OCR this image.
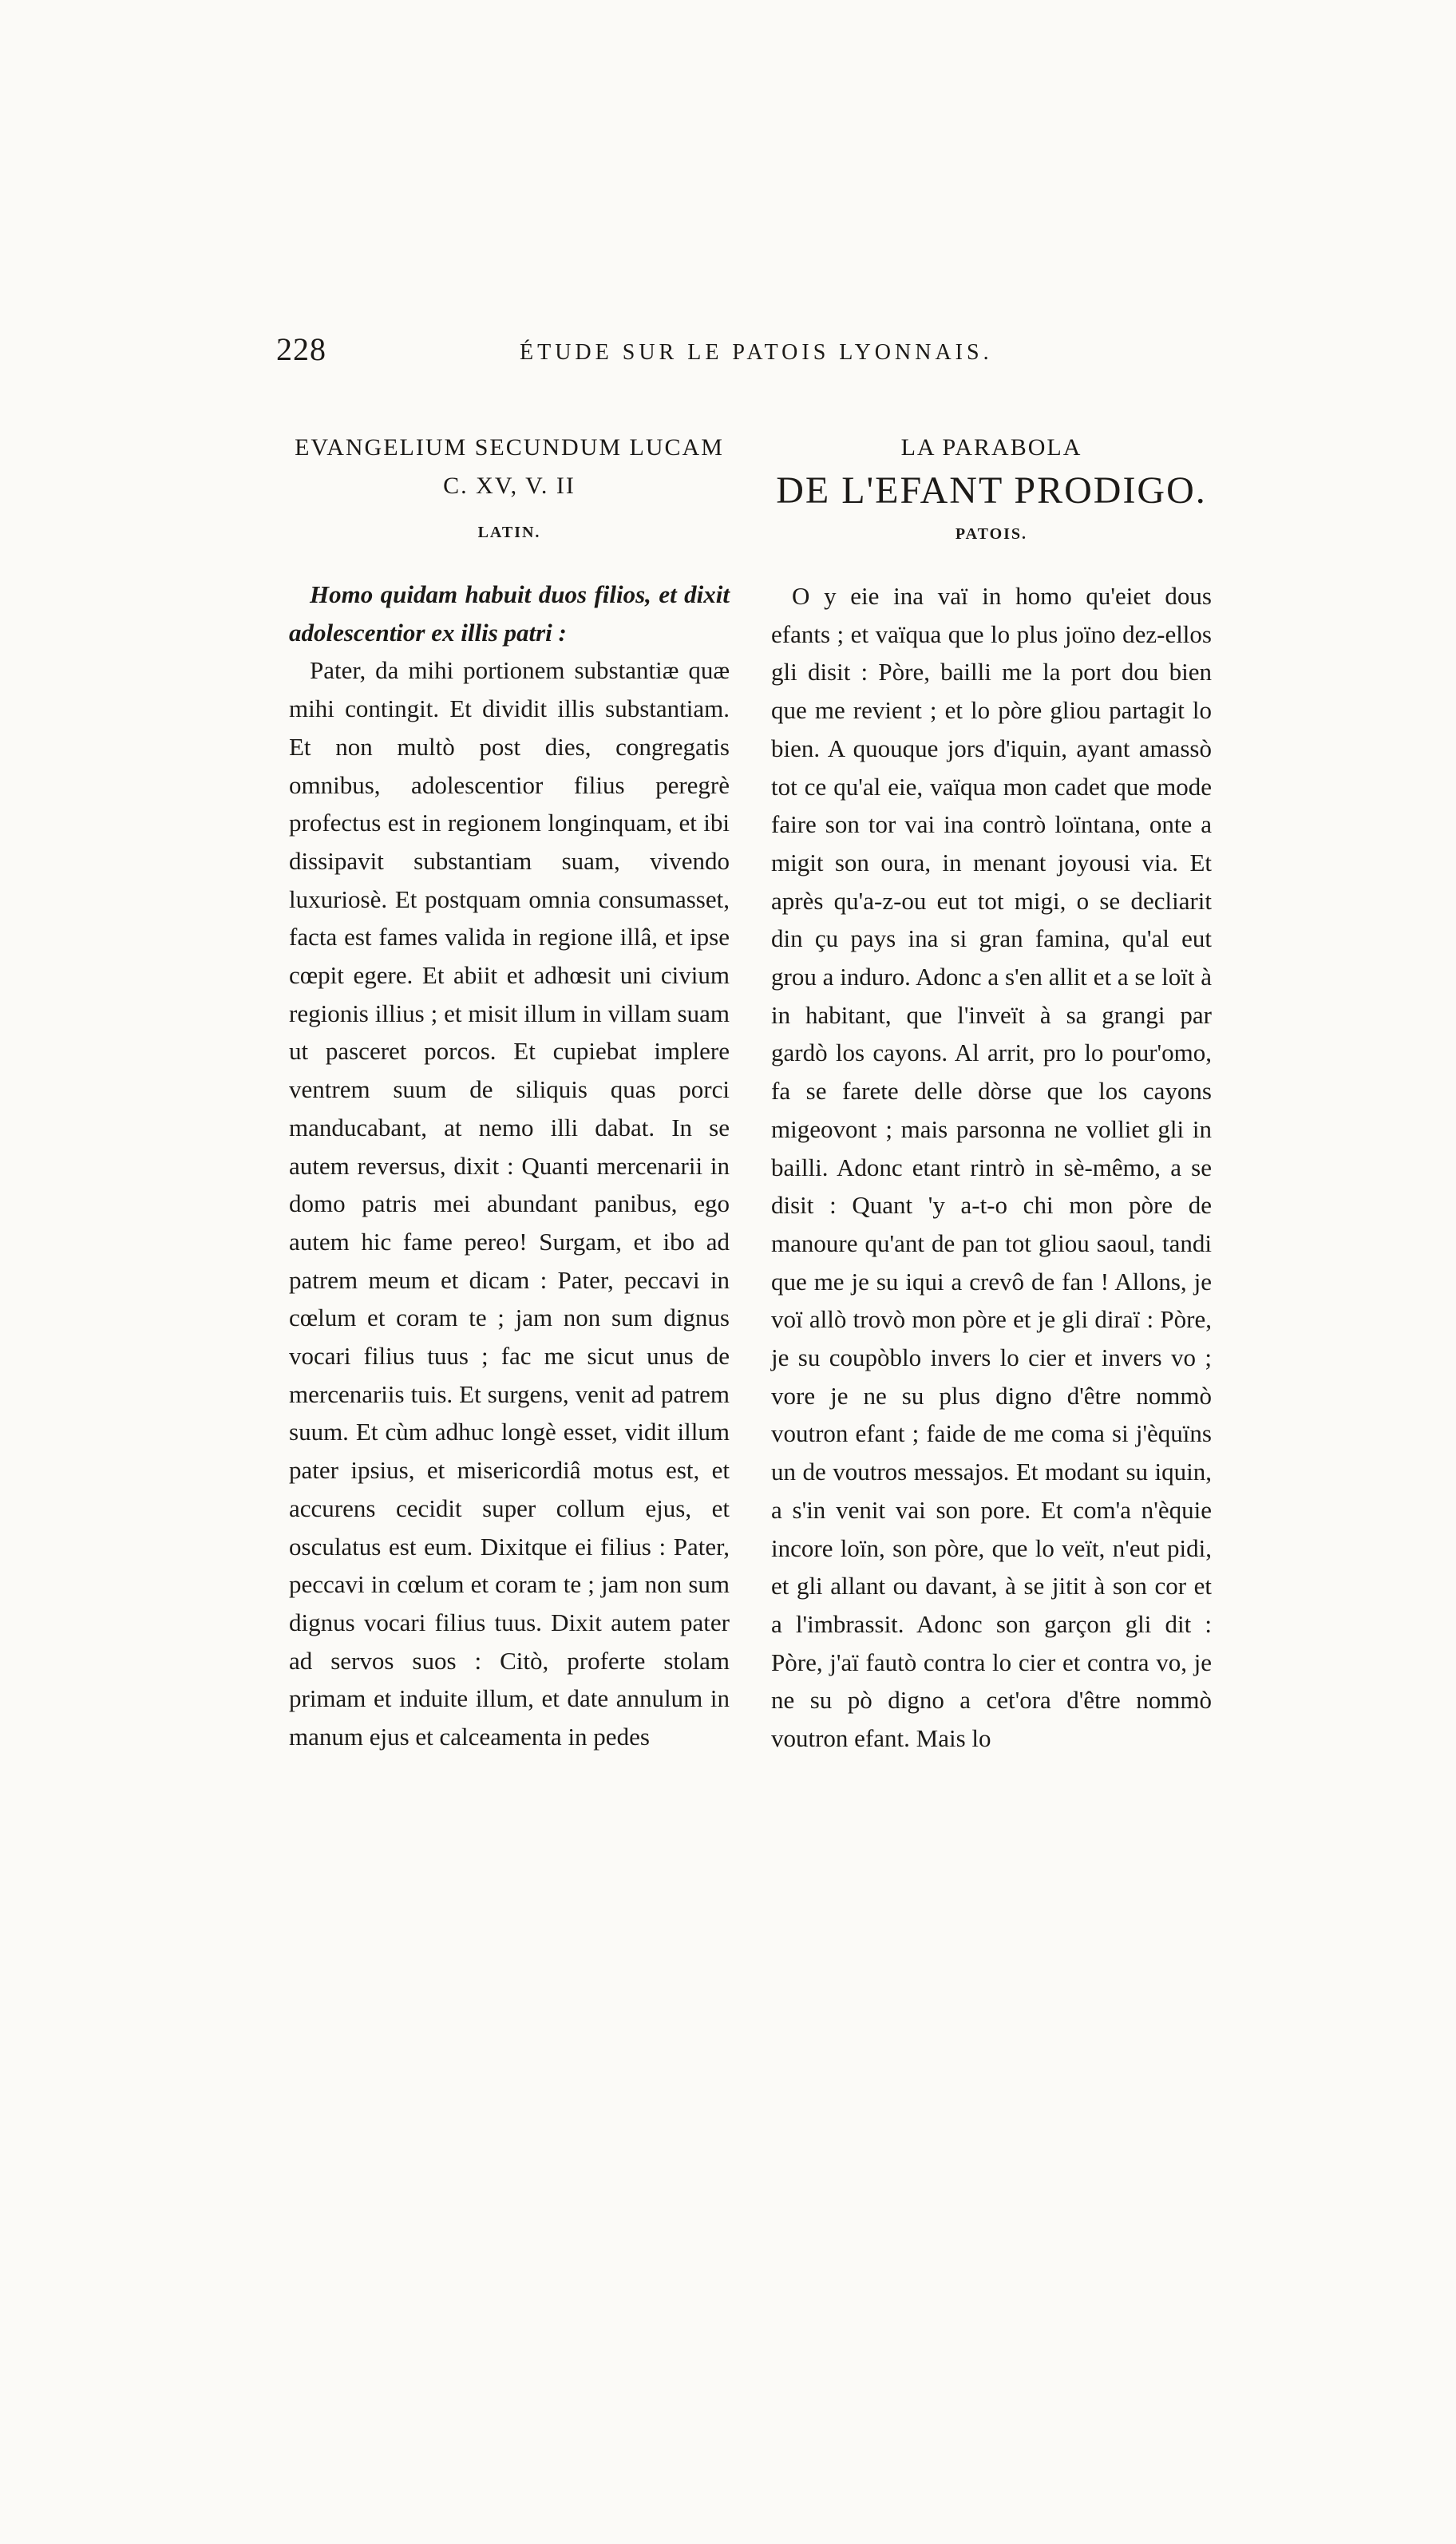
228	ÉTUDE SUR LE PATOIS LYONNAIS.
EVANGELIUM SECUNDUM LUCAM
C. XV, V. II
LATIN.

Homo quidam habuit duos filios, et dixit adolescentior ex illis patri :

Pater, da mihi portionem substantiæ quæ mihi contingit. Et dividit illis substantiam. Et non multò post dies, congregatis omnibus, adolescentior filius peregrè profectus est in regionem longinquam, et ibi dissipavit substantiam suam, vivendo luxuriosè. Et postquam omnia consumasset, facta est fames valida in regione illâ, et ipse cœpit egere. Et abiit et adhœsit uni civium regionis illius ; et misit illum in villam suam ut pasceret porcos. Et cupiebat implere ventrem suum de siliquis quas porci manducabant, at nemo illi dabat. In se autem reversus, dixit : Quanti mercenarii in domo patris mei abundant panibus, ego autem hic fame pereo! Surgam, et ibo ad patrem meum et dicam : Pater, peccavi in cœlum et coram te ; jam non sum dignus vocari filius tuus ; fac me sicut unus de mercenariis tuis. Et surgens, venit ad patrem suum. Et cùm adhuc longè esset, vidit illum pater ipsius, et misericordiâ motus est, et accurens cecidit super collum ejus, et osculatus est eum. Dixitque ei filius : Pater, peccavi in cœlum et coram te ; jam non sum dignus vocari filius tuus. Dixit autem pater ad servos suos : Citò, proferte stolam primam et induite illum, et date annulum in manum ejus et calceamenta in pedes

LA PARABOLA
DE L'EFANT PRODIGO.
PATOIS.

O y eie ina vaï in homo qu'eiet dous efants ; et vaïqua que lo plus joïno dez-ellos gli disit : Pòre, bailli me la port dou bien que me revient ; et lo pòre gliou partagit lo bien. A quouque jors d'iquin, ayant amassò tot ce qu'al eie, vaïqua mon cadet que mode faire son tor vai ina contrò loïntana, onte a migit son oura, in menant joyousi via. Et après qu'a-z-ou eut tot migi, o se decliarit din çu pays ina si gran famina, qu'al eut grou a induro. Adonc a s'en allit et a se loït à in habitant, que l'inveït à sa grangi par gardò los cayons. Al arrit, pro lo pour'omo, fa se farete delle dòrse que los cayons migeovont ; mais parsonna ne volliet gli in bailli. Adonc etant rintrò in sè-mêmo, a se disit : Quant 'y a-t-o chi mon pòre de manoure qu'ant de pan tot gliou saoul, tandi que me je su iqui a crevô de fan ! Allons, je voï allò trovò mon pòre et je gli diraï : Pòre, je su coupòblo invers lo cier et invers vo ; vore je ne su plus digno d'être nommò voutron efant ; faide de me coma si j'èquïns un de voutros messajos. Et modant su iquin, a s'in venit vai son pore. Et com'a n'èquie incore loïn, son pòre, que lo veït, n'eut pidi, et gli allant ou davant, à se jitit à son cor et a l'imbrassit. Adonc son garçon gli dit : Pòre, j'aï fautò contra lo cier et contra vo, je ne su pò digno a cet'ora d'être nommò voutron efant. Mais lo
